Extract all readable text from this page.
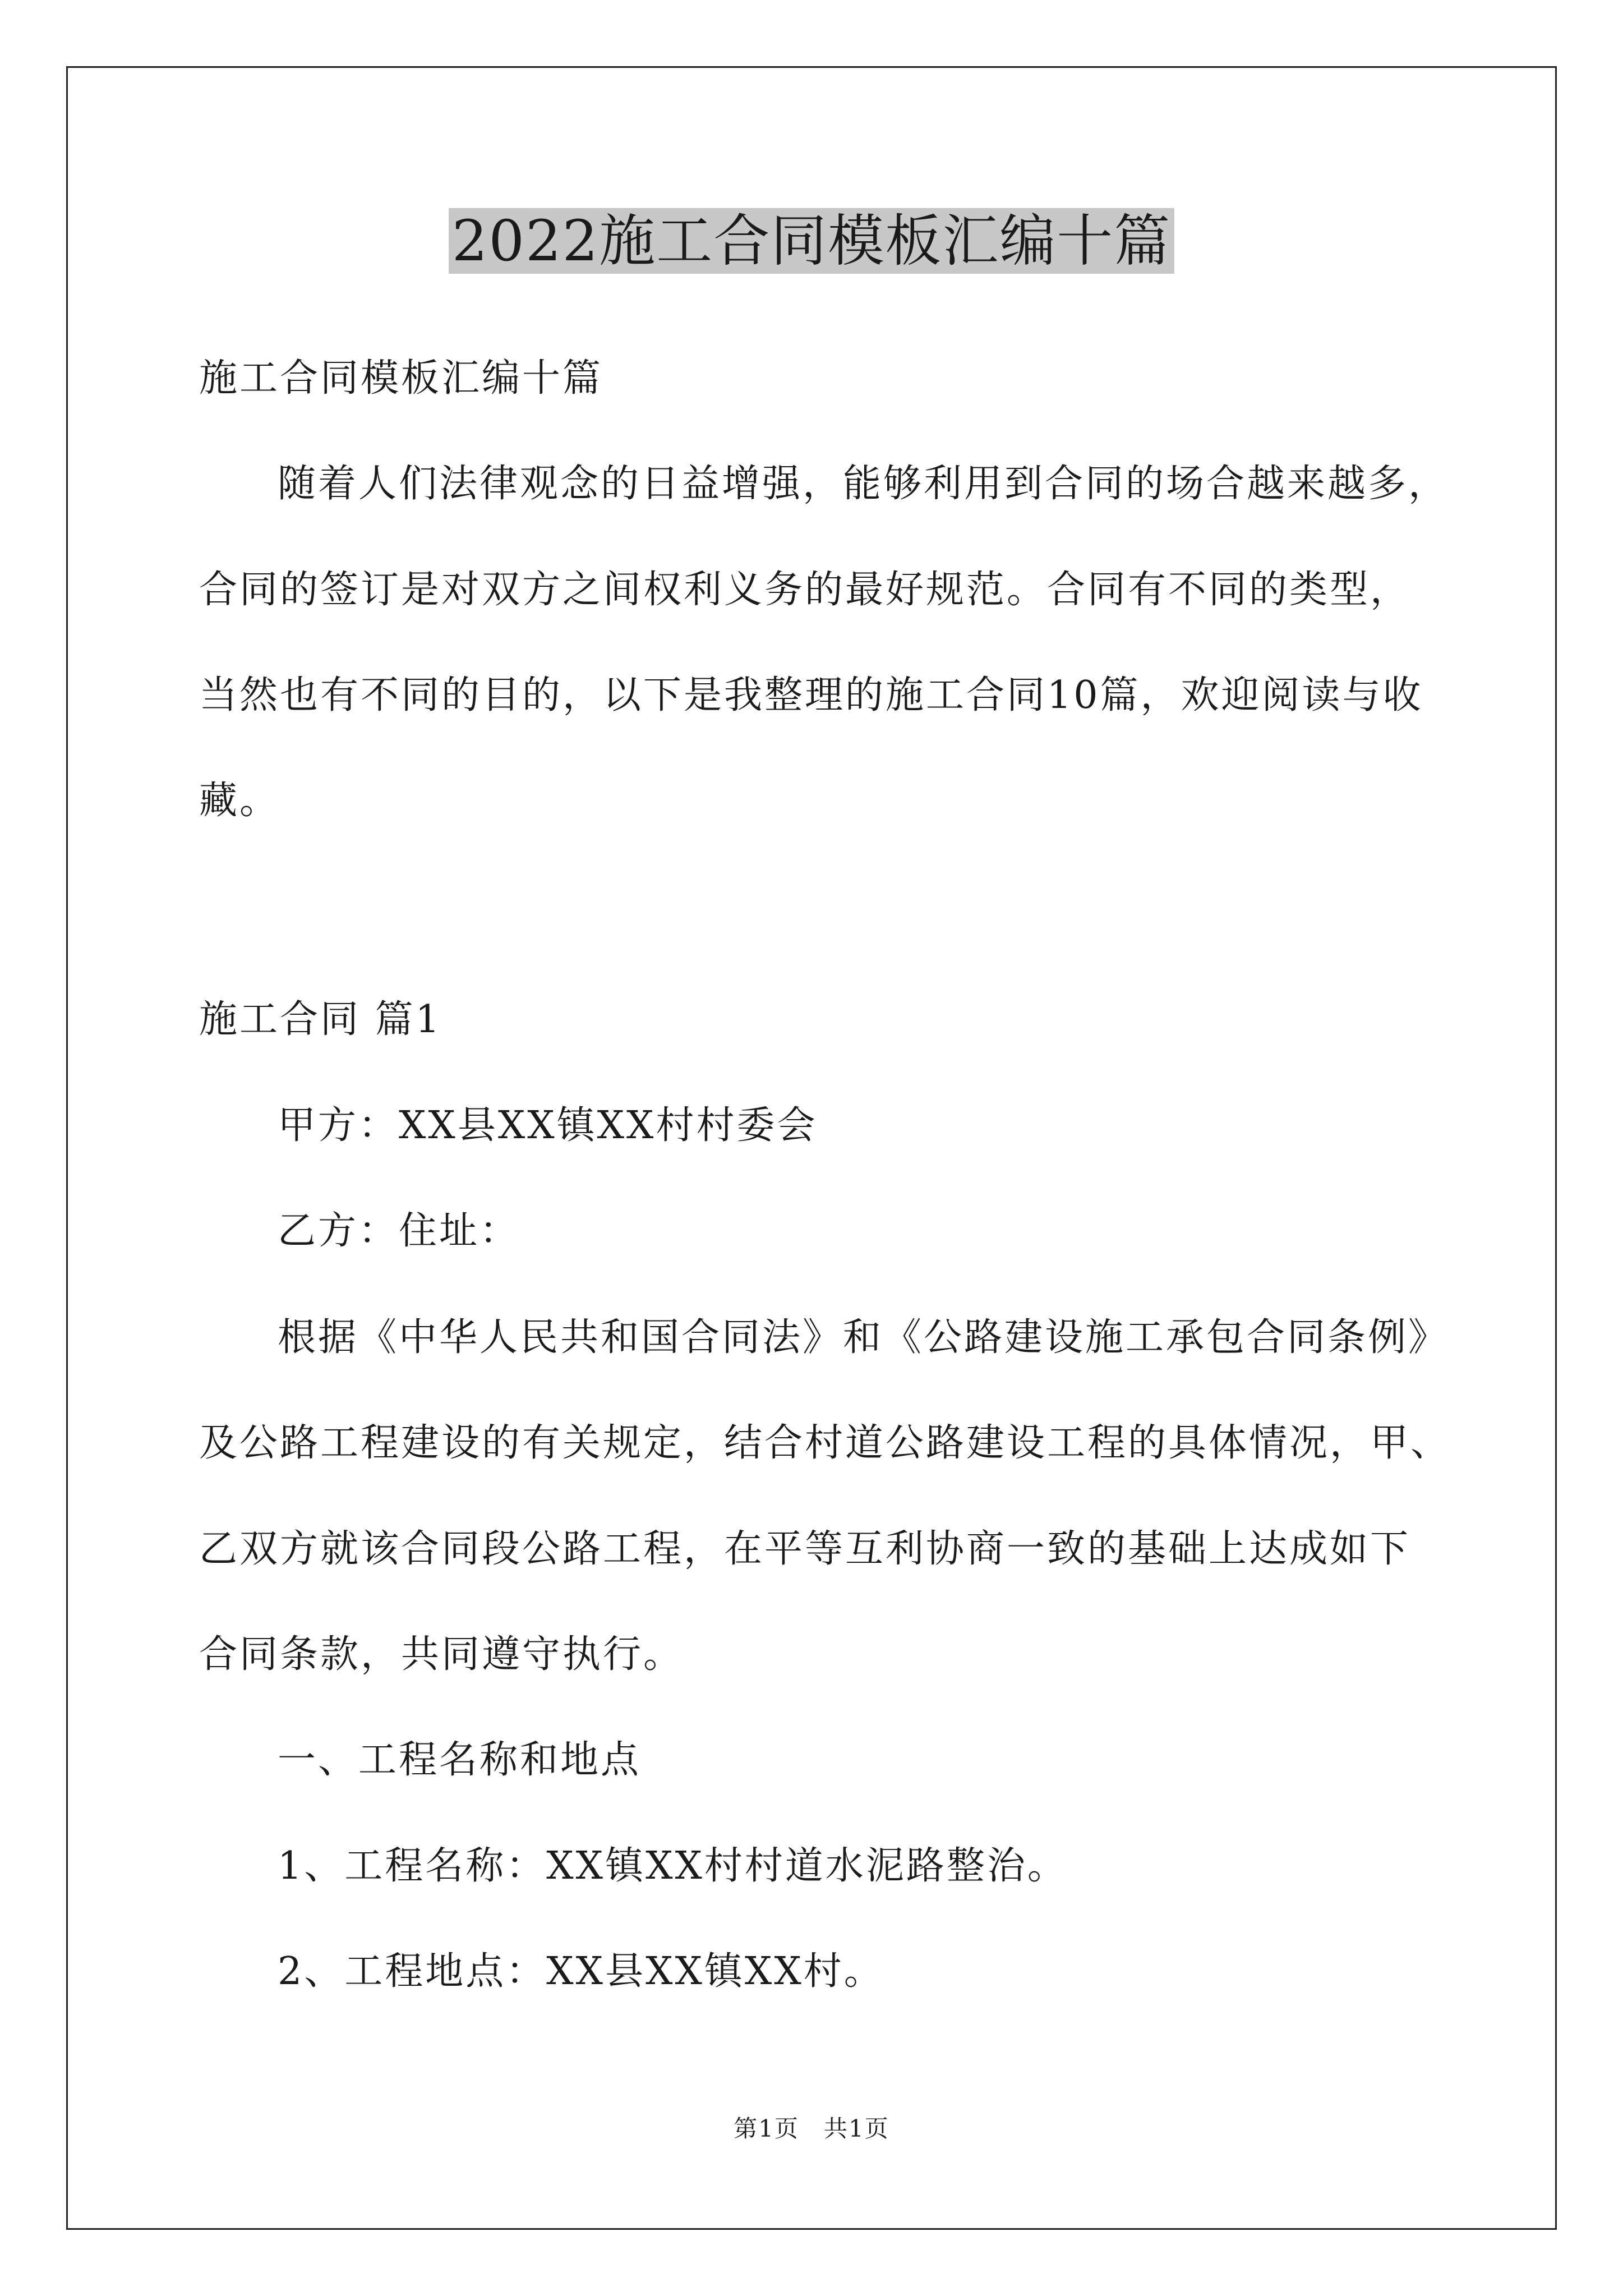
2022施工合同模板汇编十篇
施工合同模板汇编十篇
随着人们法律观念的日益增强，能够利用到合同的场合越来越多，
合同的签订是对双方之间权利义务的最好规范。合同有不同的类型，
当然也有不同的目的，以下是我整理的施工合同10篇，欢迎阅读与收
藏。
施工合同 篇1
甲方：XX县XX镇XX村村委会
乙方：住址：
根据《中华人民共和国合同法》和《公路建设施工承包合同条例》
及公路工程建设的有关规定，结合村道公路建设工程的具体情况，甲、
乙双方就该合同段公路工程，在平等互利协商一致的基础上达成如下
合同条款，共同遵守执行。
一、工程名称和地点
1、工程名称：XX镇XX村村道水泥路整治。
2、工程地点：XX县XX镇XX村。
第1页　共1页
